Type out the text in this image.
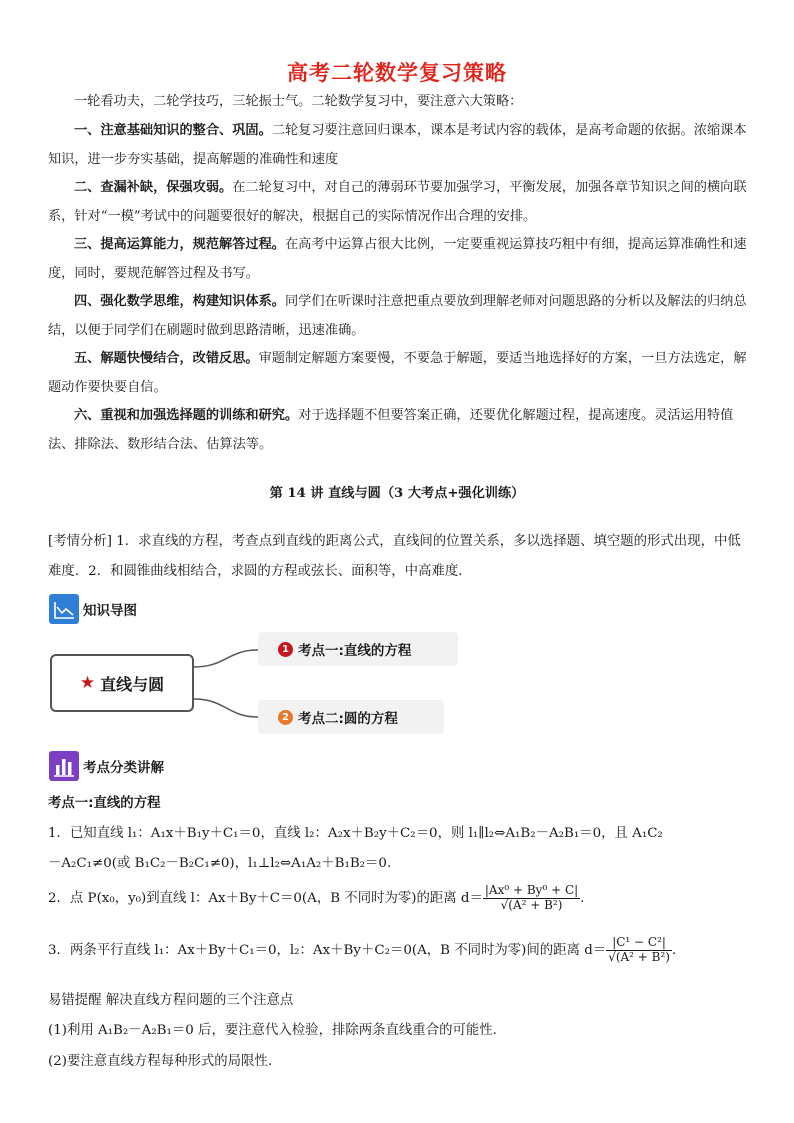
高考二轮数学复习策略

一轮看功夫，二轮学技巧，三轮振士气。二轮数学复习中，要注意六大策略：

一、注意基础知识的整合、巩固。二轮复习要注意回归课本，课本是考试内容的载体，是高考命题的依据。浓缩课本知识，进一步夯实基础，提高解题的准确性和速度

二、查漏补缺，保强攻弱。在二轮复习中，对自己的薄弱环节要加强学习，平衡发展，加强各章节知识之间的横向联系，针对“一模”考试中的问题要很好的解决，根据自己的实际情况作出合理的安排。

三、提高运算能力，规范解答过程。在高考中运算占很大比例，一定要重视运算技巧粗中有细，提高运算准确性和速度，同时，要规范解答过程及书写。

四、强化数学思维，构建知识体系。同学们在听课时注意把重点要放到理解老师对问题思路的分析以及解法的归纳总结，以便于同学们在刷题时做到思路清晰，迅速准确。

五、解题快慢结合，改错反思。审题制定解题方案要慢，不要急于解题，要适当地选择好的方案，一旦方法选定，解题动作要快要自信。

六、重视和加强选择题的训练和研究。对于选择题不但要答案正确，还要优化解题过程，提高速度。灵活运用特值法、排除法、数形结合法、估算法等。

第 14 讲 直线与圆（3 大考点+强化训练）

[考情分析] 1．求直线的方程，考查点到直线的距离公式，直线间的位置关系，多以选择题、填空题的形式出现，中低难度．2．和圆锥曲线相结合，求圆的方程或弦长、面积等，中高难度．

知识导图
★ 直线与圆
1 考点一:直线的方程
2 考点二:圆的方程
考点分类讲解
考点一:直线的方程

1．已知直线 l₁：A₁x＋B₁y＋C₁＝0，直线 l₂：A₂x＋B₂y＋C₂＝0，则 l₁∥l₂⇔A₁B₂－A₂B₁＝0，且 A₁C₂

－A₂C₁≠0(或 B₁C₂－B₂C₁≠0)，l₁⊥l₂⇔A₁A₂＋B₁B₂＝0.

2．点 P(x₀，y₀)到直线 l：Ax＋By＋C＝0(A，B 不同时为零)的距离 $d= \frac{\text{|Ax⁰ + By⁰ + C|}}{\text{√(A² + B²)}}$ .

3．两条平行直线 l₁：Ax＋By＋C₁＝0，l₂：Ax＋By＋C₂＝0(A，B 不同时为零)间的距离 $d= \frac{\text{|C¹ − C²|}}{\text{√(A² + B²)}}$ .

易错提醒 解决直线方程问题的三个注意点

(1)利用 A₁B₂－A₂B₁＝0 后，要注意代入检验，排除两条直线重合的可能性.

(2)要注意直线方程每种形式的局限性.
